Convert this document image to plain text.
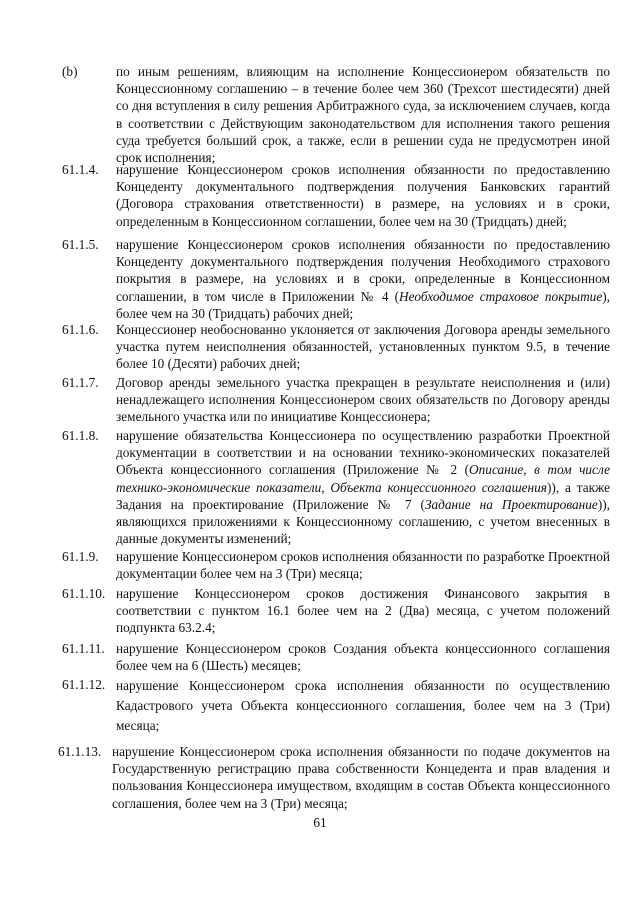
(b)	по иным решениям, влияющим на исполнение Концессионером обязательств по Концессионному соглашению – в течение более чем 360 (Трехсот шестидесяти) дней со дня вступления в силу решения Арбитражного суда, за исключением случаев, когда в соответствии с Действующим законодательством для исполнения такого решения суда требуется больший срок, а также, если в решении суда не предусмотрен иной срок исполнения;
61.1.4. нарушение Концессионером сроков исполнения обязанности по предоставлению Концеденту документального подтверждения получения Банковских гарантий (Договора страхования ответственности) в размере, на условиях и в сроки, определенным в Концессионном соглашении, более чем на 30 (Тридцать) дней;
61.1.5. нарушение Концессионером сроков исполнения обязанности по предоставлению Концеденту документального подтверждения получения Необходимого страхового покрытия в размере, на условиях и в сроки, определенные в Концессионном соглашении, в том числе в Приложении № 4 (Необходимое страховое покрытие), более чем на 30 (Тридцать) рабочих дней;
61.1.6. Концессионер необоснованно уклоняется от заключения Договора аренды земельного участка путем неисполнения обязанностей, установленных пунктом 9.5, в течение более 10 (Десяти) рабочих дней;
61.1.7. Договор аренды земельного участка прекращен в результате неисполнения и (или) ненадлежащего исполнения Концессионером своих обязательств по Договору аренды земельного участка или по инициативе Концессионера;
61.1.8. нарушение обязательства Концессионера по осуществлению разработки Проектной документации в соответствии и на основании технико-экономических показателей Объекта концессионного соглашения (Приложение № 2 (Описание, в том числе технико-экономические показатели, Объекта концессионного соглашения)), а также Задания на проектирование (Приложение № 7 (Задание на Проектирование)), являющихся приложениями к Концессионному соглашению, с учетом внесенных в данные документы изменений;
61.1.9. нарушение Концессионером сроков исполнения обязанности по разработке Проектной документации более чем на 3 (Три) месяца;
61.1.10. нарушение Концессионером сроков достижения Финансового закрытия в соответствии с пунктом 16.1 более чем на 2 (Два) месяца, с учетом положений подпункта 63.2.4;
61.1.11. нарушение Концессионером сроков Создания объекта концессионного соглашения более чем на 6 (Шесть) месяцев;
61.1.12. нарушение Концессионером срока исполнения обязанности по осуществлению Кадастрового учета Объекта концессионного соглашения, более чем на 3 (Три) месяца;
61.1.13. нарушение Концессионером срока исполнения обязанности по подаче документов на Государственную регистрацию права собственности Концедента и прав владения и пользования Концессионера имуществом, входящим в состав Объекта концессионного соглашения, более чем на 3 (Три) месяца;
61
